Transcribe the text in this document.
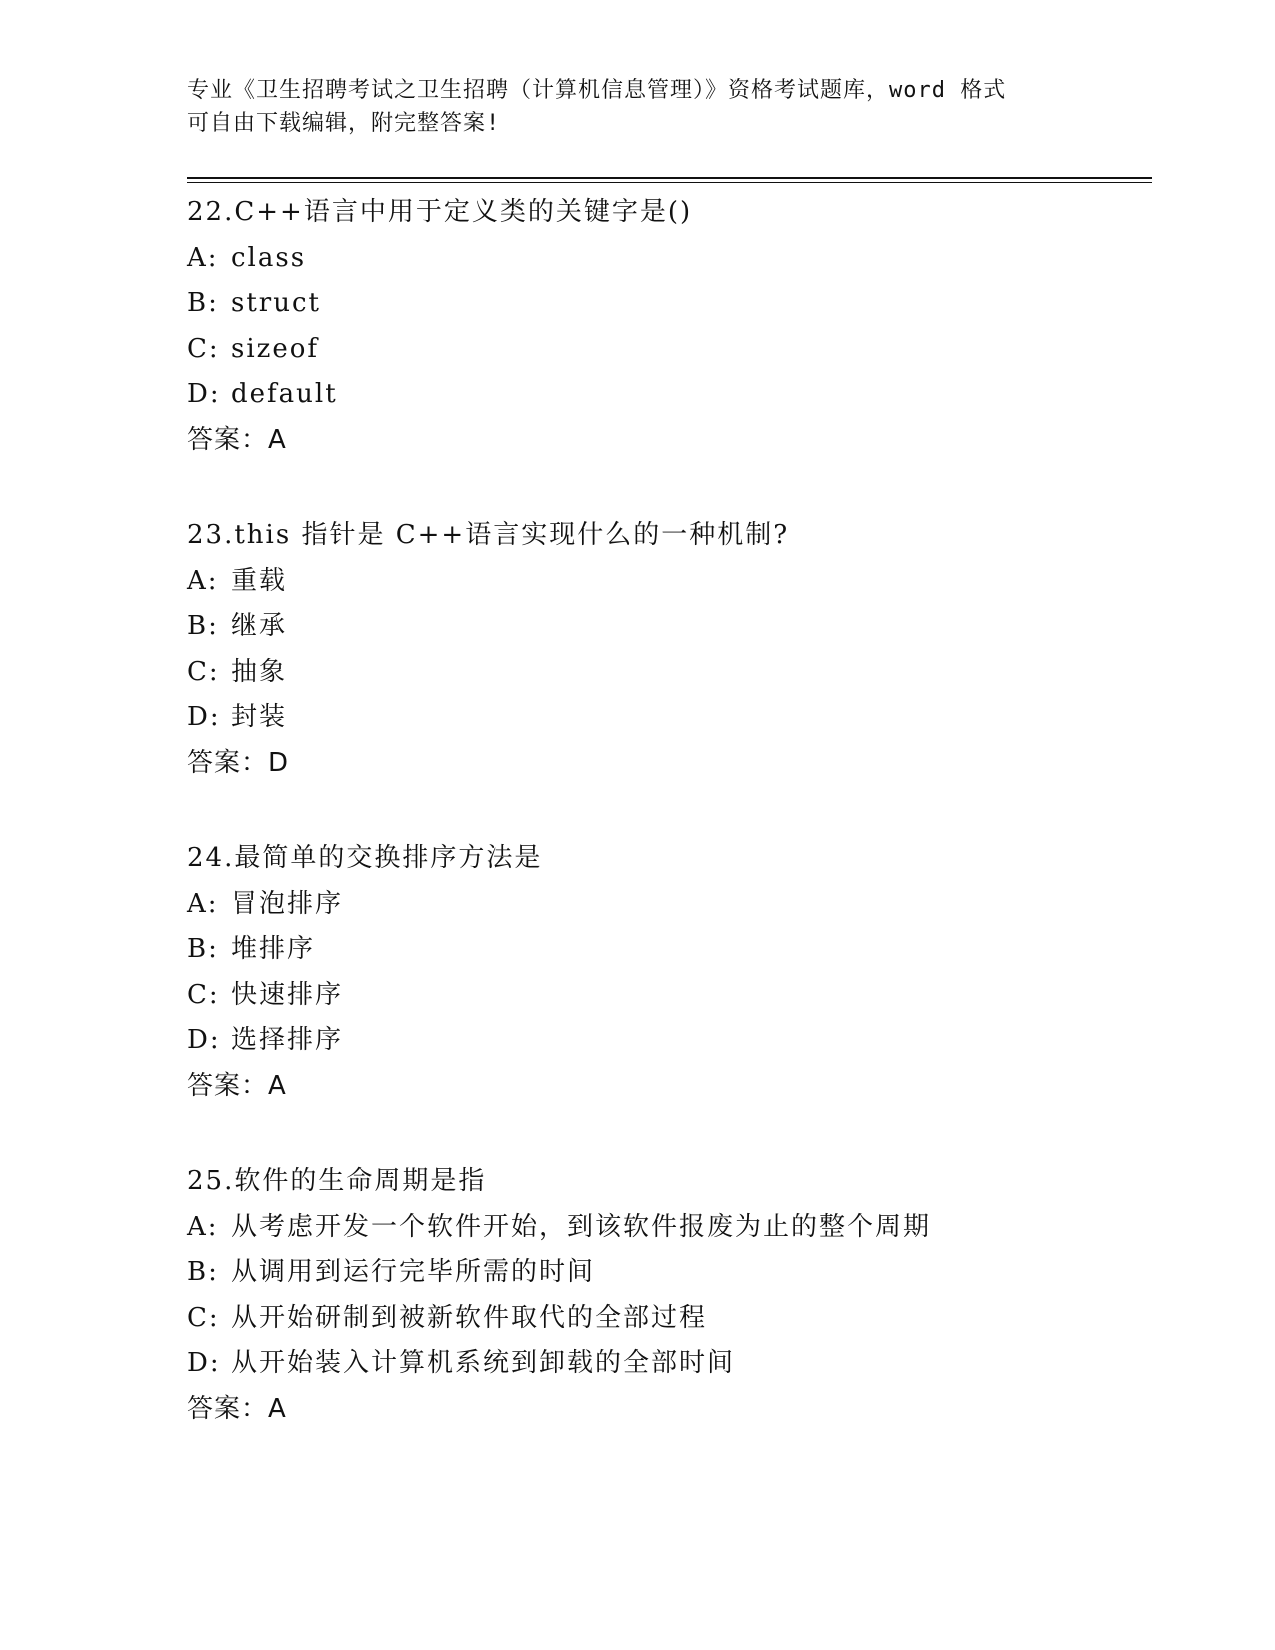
专业《卫生招聘考试之卫生招聘（计算机信息管理）》资格考试题库，word 格式
可自由下载编辑，附完整答案!
22.C++语言中用于定义类的关键字是()
A: class
B: struct
C: sizeof
D: default
答案：A
23.this 指针是 C++语言实现什么的一种机制?
A: 重载
B: 继承
C: 抽象
D: 封装
答案：D
24.最简单的交换排序方法是
A: 冒泡排序
B: 堆排序
C: 快速排序
D: 选择排序
答案：A
25.软件的生命周期是指
A: 从考虑开发一个软件开始，到该软件报废为止的整个周期
B: 从调用到运行完毕所需的时间
C: 从开始研制到被新软件取代的全部过程
D: 从开始装入计算机系统到卸载的全部时间
答案：A
